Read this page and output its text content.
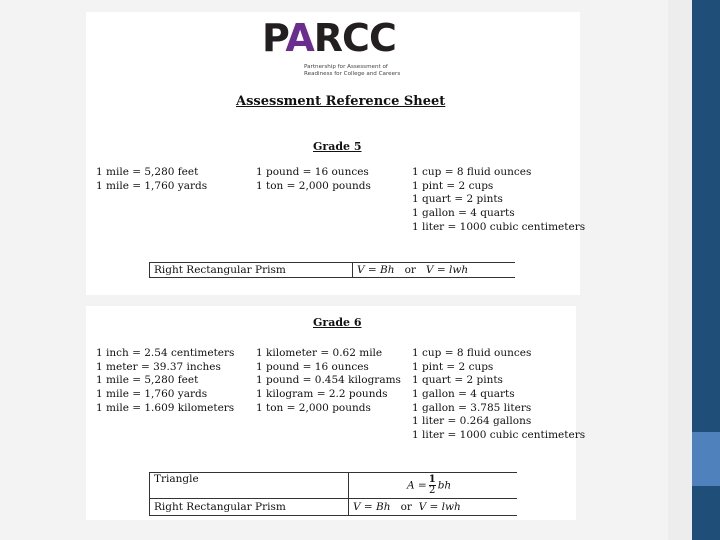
PARCC
Partnership for Assessment of Readiness for College and Careers
Assessment Reference Sheet
Grade 5
1 mile = 5,280 feet
1 mile = 1,760 yards
1 pound = 16 ounces
1 ton = 2,000 pounds
1 cup = 8 fluid ounces
1 pint = 2 cups
1 quart = 2 pints
1 gallon = 4 quarts
1 liter = 1000 cubic centimeters
Right Rectangular Prism	V = Bh or V = lwh
Grade 6
1 inch = 2.54 centimeters
1 meter = 39.37 inches
1 mile = 5,280 feet
1 mile = 1,760 yards
1 mile = 1.609 kilometers
1 kilometer = 0.62 mile
1 pound = 16 ounces
1 pound = 0.454 kilograms
1 kilogram = 2.2 pounds
1 ton = 2,000 pounds
1 cup = 8 fluid ounces
1 pint = 2 cups
1 quart = 2 pints
1 gallon = 4 quarts
1 gallon = 3.785 liters
1 liter = 0.264 gallons
1 liter = 1000 cubic centimeters
Triangle	$A = \frac{1}{2}$ bh
Right Rectangular Prism	V = Bh or V = lwh
